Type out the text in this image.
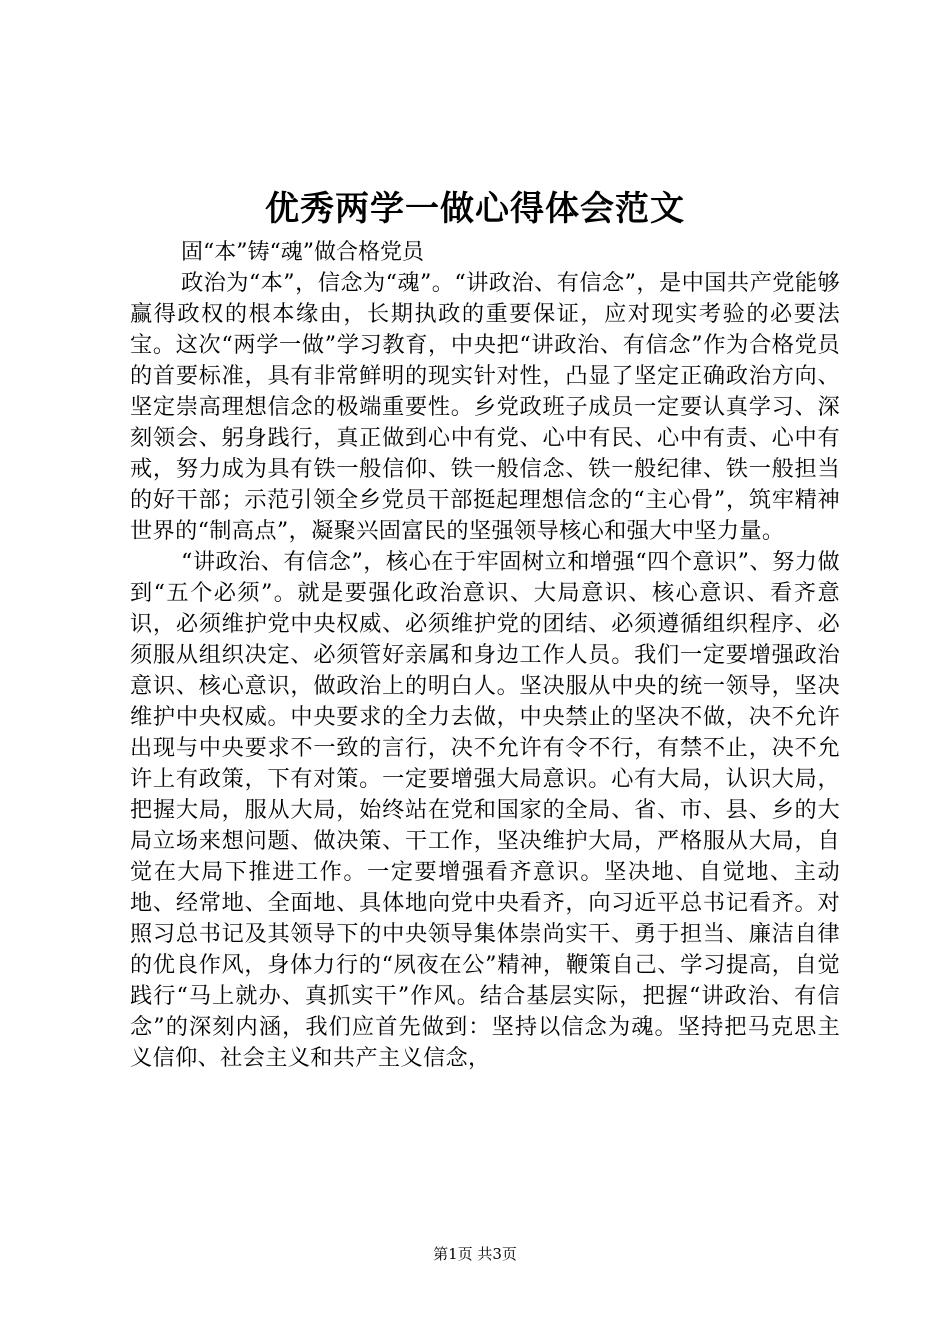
优秀两学一做心得体会范文
固“本”铸“魂”做合格党员

政治为“本”，信念为“魂”。“讲政治、有信念”，是中国共产党能够赢得政权的根本缘由，长期执政的重要保证，应对现实考验的必要法宝。这次“两学一做”学习教育，中央把“讲政治、有信念”作为合格党员的首要标准，具有非常鲜明的现实针对性，凸显了坚定正确政治方向、坚定崇高理想信念的极端重要性。乡党政班子成员一定要认真学习、深刻领会、躬身践行，真正做到心中有党、心中有民、心中有责、心中有戒，努力成为具有铁一般信仰、铁一般信念、铁一般纪律、铁一般担当的好干部；示范引领全乡党员干部挺起理想信念的“主心骨”，筑牢精神世界的“制高点”，凝聚兴固富民的坚强领导核心和强大中坚力量。

“讲政治、有信念”，核心在于牢固树立和增强“四个意识”、努力做到“五个必须”。就是要强化政治意识、大局意识、核心意识、看齐意识，必须维护党中央权威、必须维护党的团结、必须遵循组织程序、必须服从组织决定、必须管好亲属和身边工作人员。我们一定要增强政治意识、核心意识，做政治上的明白人。坚决服从中央的统一领导，坚决维护中央权威。中央要求的全力去做，中央禁止的坚决不做，决不允许出现与中央要求不一致的言行，决不允许有令不行，有禁不止，决不允许上有政策，下有对策。一定要增强大局意识。心有大局，认识大局，把握大局，服从大局，始终站在党和国家的全局、省、市、县、乡的大局立场来想问题、做决策、干工作，坚决维护大局，严格服从大局，自觉在大局下推进工作。一定要增强看齐意识。坚决地、自觉地、主动地、经常地、全面地、具体地向党中央看齐，向习近平总书记看齐。对照习总书记及其领导下的中央领导集体崇尚实干、勇于担当、廉洁自律的优良作风，身体力行的“夙夜在公”精神，鞭策自己、学习提高，自觉践行“马上就办、真抓实干”作风。结合基层实际，把握“讲政治、有信念”的深刻内涵，我们应首先做到：坚持以信念为魂。坚持把马克思主义信仰、社会主义和共产主义信念，

第1页 共3页
